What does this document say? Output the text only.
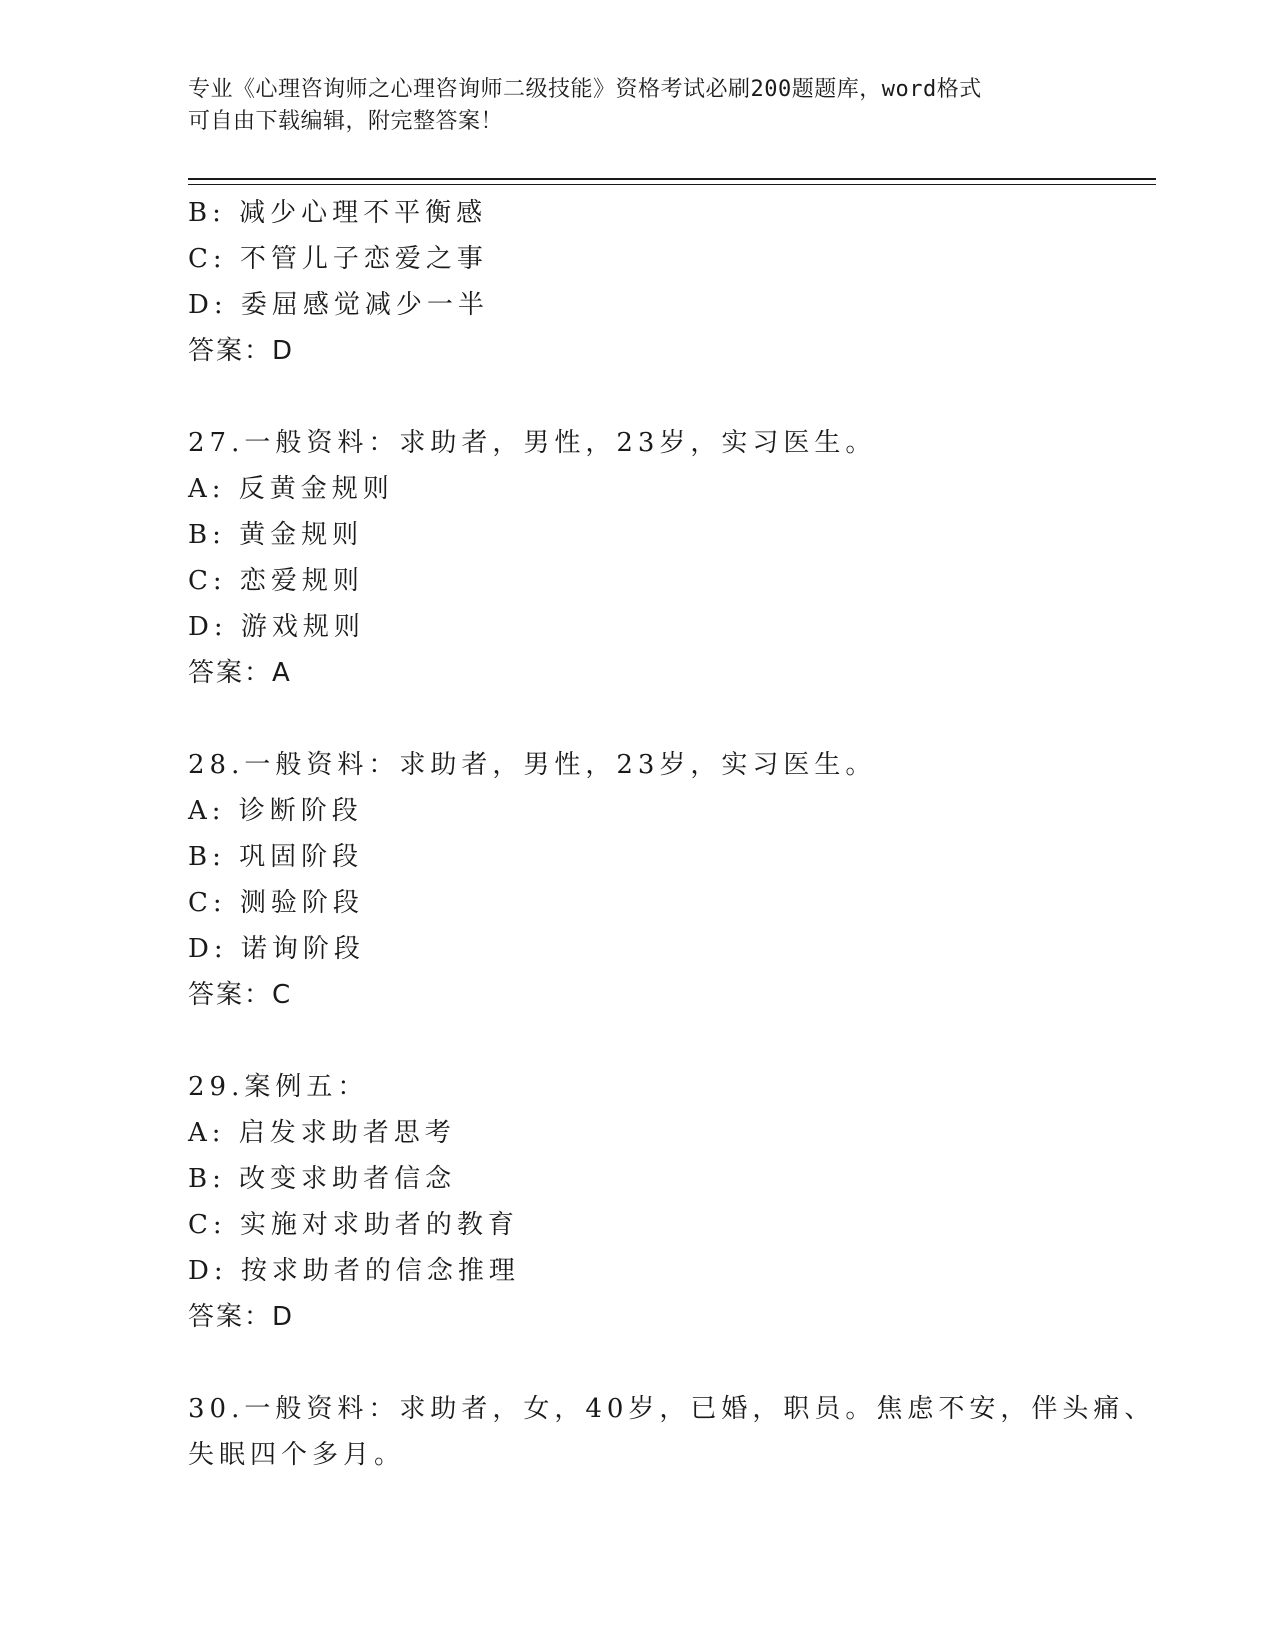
专业《心理咨询师之心理咨询师二级技能》资格考试必刷200题题库，word格式
可自由下载编辑，附完整答案！
B: 减少心理不平衡感
C: 不管儿子恋爱之事
D: 委屈感觉减少一半
答案：D
27.一般资料：求助者，男性，23岁，实习医生。
A: 反黄金规则
B: 黄金规则
C: 恋爱规则
D: 游戏规则
答案：A
28.一般资料：求助者，男性，23岁，实习医生。
A: 诊断阶段
B: 巩固阶段
C: 测验阶段
D: 诺询阶段
答案：C
29.案例五：
A: 启发求助者思考
B: 改变求助者信念
C: 实施对求助者的教育
D: 按求助者的信念推理
答案：D
30.一般资料：求助者，女，40岁，已婚，职员。焦虑不安，伴头痛、
失眠四个多月。
